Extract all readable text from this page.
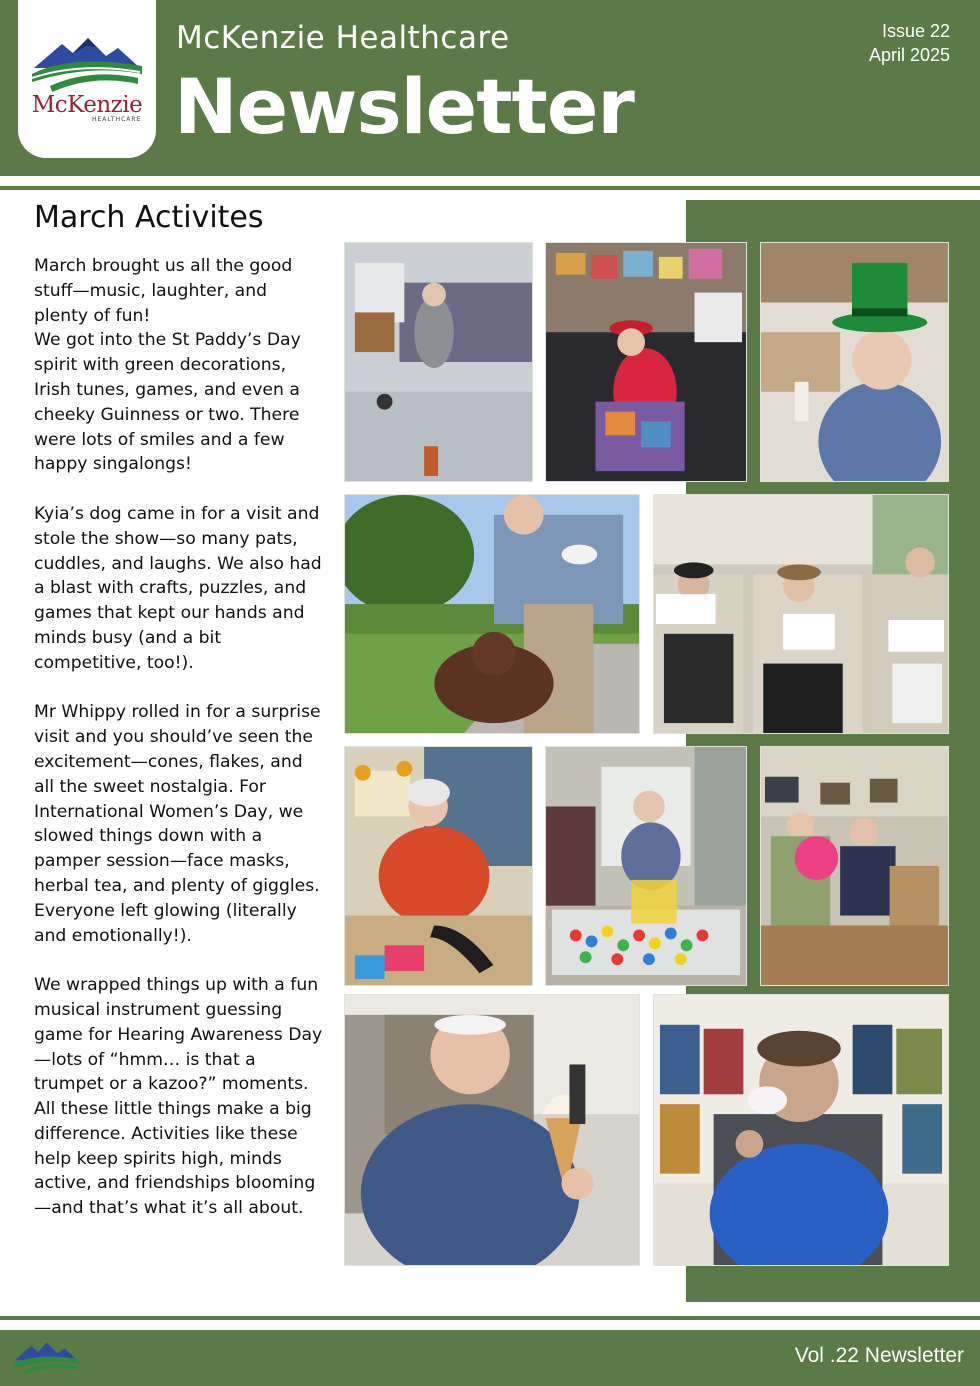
McKenzie
HEALTHCARE
McKenzie Healthcare
Newsletter
Issue 22
April 2025
March Activites

March brought us all the good stuff—music, laughter, and plenty of fun!
We got into the St Paddy’s Day spirit with green decorations, Irish tunes, games, and even a cheeky Guinness or two. There were lots of smiles and a few happy singalongs!

Kyia’s dog came in for a visit and stole the show—so many pats, cuddles, and laughs. We also had a blast with crafts, puzzles, and games that kept our hands and minds busy (and a bit competitive, too!).

Mr Whippy rolled in for a surprise visit and you should’ve seen the excitement—cones, flakes, and all the sweet nostalgia. For International Women’s Day, we slowed things down with a pamper session—face masks, herbal tea, and plenty of giggles. Everyone left glowing (literally and emotionally!).

We wrapped things up with a fun musical instrument guessing game for Hearing Awareness Day—lots of “hmm… is that a trumpet or a kazoo?” moments. All these little things make a big difference. Activities like these help keep spirits high, minds active, and friendships blooming—and that’s what it’s all about.

Vol .22 Newsletter
